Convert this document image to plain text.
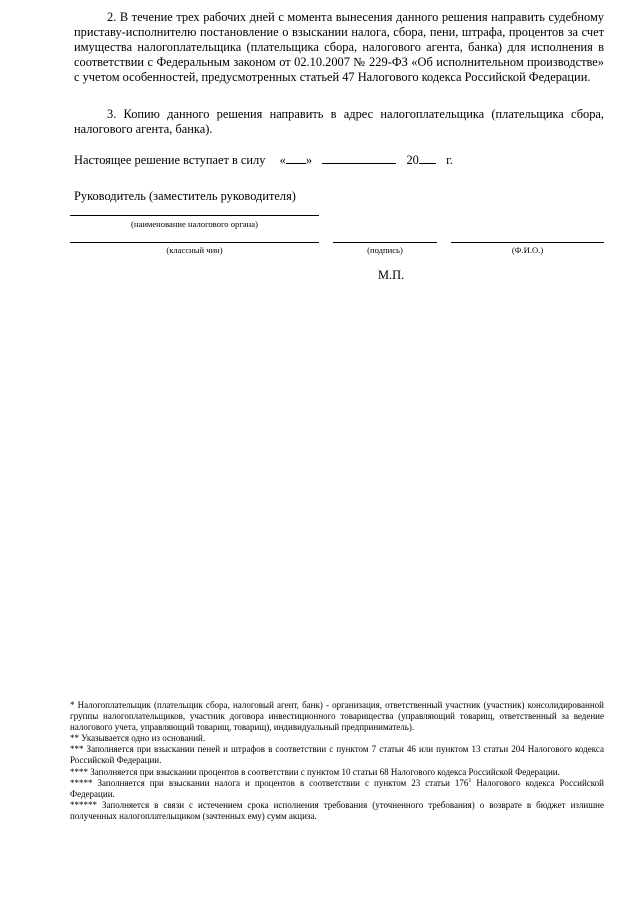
2. В течение трех рабочих дней с момента вынесения данного решения направить судебному приставу-исполнителю постановление о взыскании налога, сбора, пени, штрафа, процентов за счет имущества налогоплательщика (плательщика сбора, налогового агента, банка) для исполнения в соответствии с Федеральным законом от 02.10.2007 № 229-ФЗ «Об исполнительном производстве» с учетом особенностей, предусмотренных статьей 47 Налогового кодекса Российской Федерации.
3. Копию данного решения направить в адрес налогоплательщика (плательщика сбора, налогового агента, банка).
Настоящее решение вступает в силу « »	20 г.
Руководитель (заместитель руководителя)
(наименование налогового органа)
(классный чин)	(подпись)	(Ф.И.О.)
М.П.

* Налогоплательщик (плательщик сбора, налоговый агент, банк) - организация, ответственный участник (участник) консолидированной группы налогоплательщиков, участник договора инвестиционного товарищества (управляющий товарищ, ответственный за ведение налогового учета, управляющий товарищ, товарищ), индивидуальный предприниматель).

** Указывается одно из оснований.

*** Заполняется при взыскании пеней и штрафов в соответствии с пунктом 7 статьи 46 или пунктом 13 статьи 204 Налогового кодекса Российской Федерации.

**** Заполняется при взыскании процентов в соответствии с пунктом 10 статьи 68 Налогового кодекса Российской Федерации.

***** Заполняется при взыскании налога и процентов в соответствии с пунктом 23 статьи $176^1$ Налогового кодекса Российской Федерации.

****** Заполняется в связи с истечением срока исполнения требования (уточненного требования) о возврате в бюджет излишне полученных налогоплательщиком (зачтенных ему) сумм акциза.
